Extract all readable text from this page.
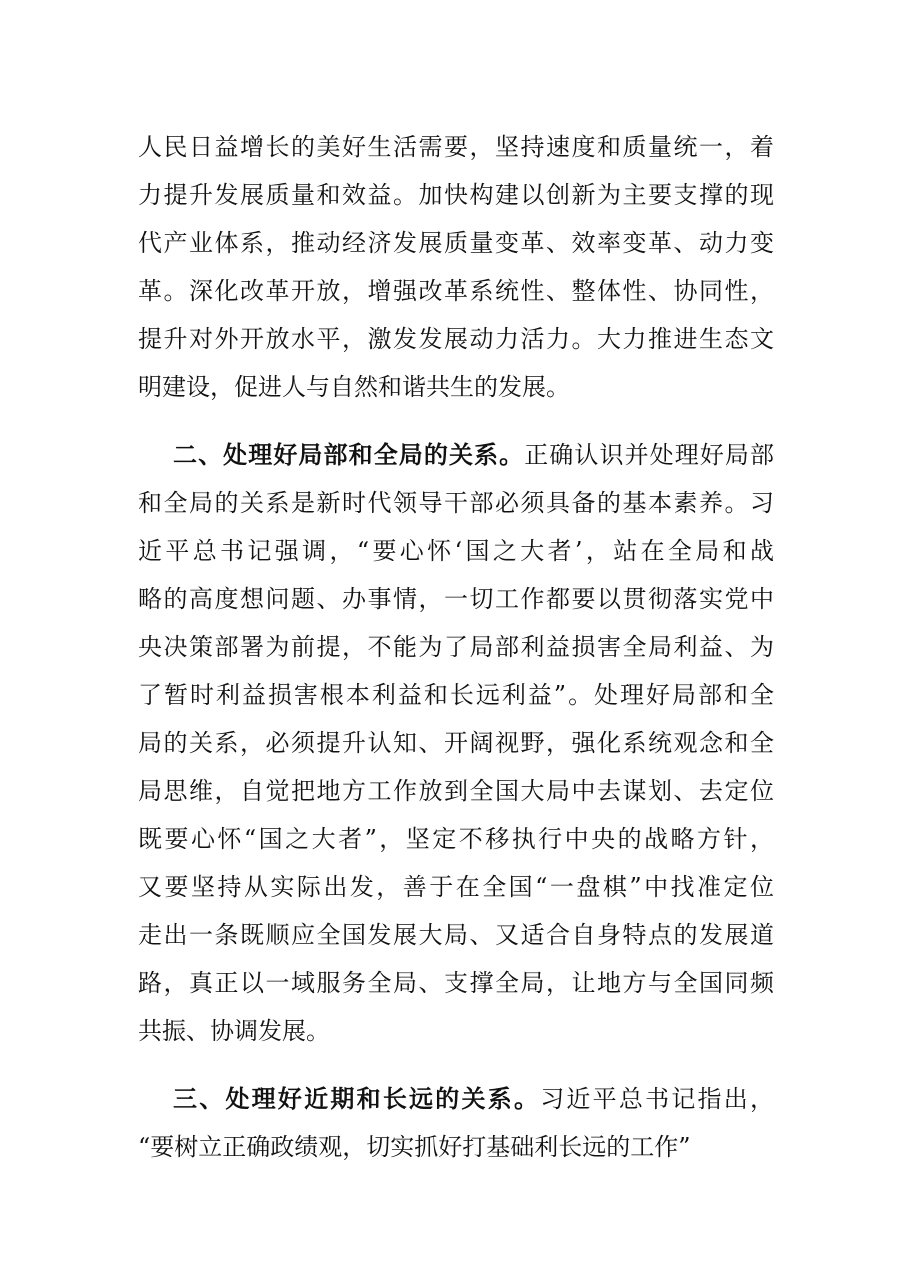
人民日益增长的美好生活需要，坚持速度和质量统一，着
力提升发展质量和效益。加快构建以创新为主要支撑的现
代产业体系，推动经济发展质量变革、效率变革、动力变
革。深化改革开放，增强改革系统性、整体性、协同性，
提升对外开放水平，激发发展动力活力。大力推进生态文
明建设，促进人与自然和谐共生的发展。
二、处理好局部和全局的关系。正确认识并处理好局部
和全局的关系是新时代领导干部必须具备的基本素养。习
近平总书记强调，“要心怀‘国之大者’，站在全局和战
略的高度想问题、办事情，一切工作都要以贯彻落实党中
央决策部署为前提，不能为了局部利益损害全局利益、为
了暂时利益损害根本利益和长远利益”。处理好局部和全
局的关系，必须提升认知、开阔视野，强化系统观念和全
局思维，自觉把地方工作放到全国大局中去谋划、去定位
既要心怀“国之大者”，坚定不移执行中央的战略方针，
又要坚持从实际出发，善于在全国“一盘棋”中找准定位
走出一条既顺应全国发展大局、又适合自身特点的发展道
路，真正以一域服务全局、支撑全局，让地方与全国同频
共振、协调发展。
三、处理好近期和长远的关系。习近平总书记指出，
“要树立正确政绩观，切实抓好打基础利长远的工作”
